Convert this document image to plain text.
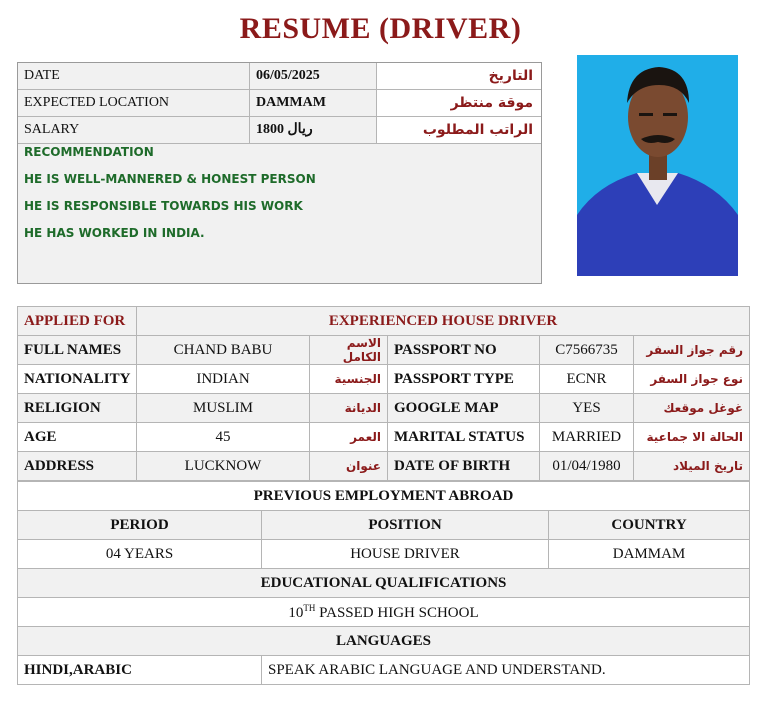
RESUME (DRIVER)
DATE	06/05/2025	التاريخ
EXPECTED LOCATION	DAMMAM	موقة منتظر
SALARY	1800 ريال	الراتب المطلوب
RECOMMENDATION
HE IS WELL-MANNERED & HONEST PERSON
HE IS RESPONSIBLE TOWARDS HIS WORK
HE HAS WORKED IN INDIA.
APPLIED FOR	EXPERIENCED HOUSE DRIVER				
FULL NAMES	CHAND BABU	الاسم الكامل	PASSPORT NO	C7566735	رقم جواز السفر
NATIONALITY	INDIAN	الجنسية	PASSPORT TYPE	ECNR	نوع جواز السفر
RELIGION	MUSLIM	الديانة	GOOGLE MAP	YES	غوغل موقعك
AGE	45	العمر	MARITAL STATUS	MARRIED	الحالة الا جماعية
ADDRESS	LUCKNOW	عنوان	DATE OF BIRTH	01/04/1980	تاريخ الميلاد
PREVIOUS EMPLOYMENT ABROAD		
PERIOD	POSITION	COUNTRY
04 YEARS	HOUSE DRIVER	DAMMAM
EDUCATIONAL QUALIFICATIONS		
10TH PASSED HIGH SCHOOL		
LANGUAGES		
HINDI,ARABIC	SPEAK ARABIC LANGUAGE AND UNDERSTAND.	
